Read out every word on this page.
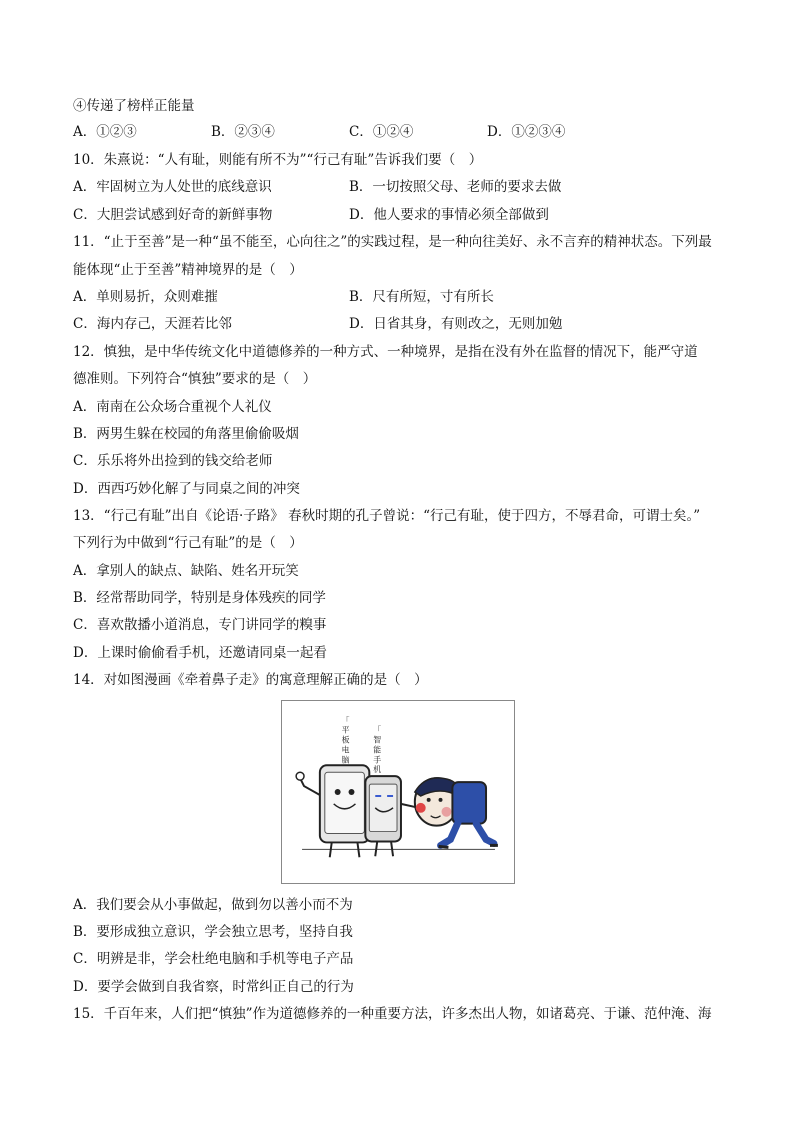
④传递了榜样正能量
A．①②③	B．②③④	C．①②④	D．①②③④
10．朱熹说：“人有耻，则能有所不为”“行己有耻”告诉我们要（　）
A．牢固树立为人处世的底线意识	B．一切按照父母、老师的要求去做
C．大胆尝试感到好奇的新鲜事物	D．他人要求的事情必须全部做到
11．“止于至善”是一种“虽不能至，心向往之”的实践过程，是一种向往美好、永不言弃的精神状态。下列最
能体现“止于至善”精神境界的是（　）
A．单则易折，众则难摧	B．尺有所短，寸有所长
C．海内存己，天涯若比邻	D．日省其身，有则改之，无则加勉
12．慎独，是中华传统文化中道德修养的一种方式、一种境界，是指在没有外在监督的情况下，能严守道
德准则。下列符合“慎独”要求的是（　）
A．南南在公众场合重视个人礼仪
B．两男生躲在校园的角落里偷偷吸烟
C．乐乐将外出捡到的钱交给老师
D．西西巧妙化解了与同桌之间的冲突
13．“行己有耻”出自《论语·子路》 春秋时期的孔子曾说：“行己有耻，使于四方，不辱君命，可谓士矣。”
下列行为中做到“行己有耻”的是（　）
A．拿别人的缺点、缺陷、姓名开玩笑
B．经常帮助同学，特别是身体残疾的同学
C．喜欢散播小道消息，专门讲同学的糗事
D．上课时偷偷看手机，还邀请同桌一起看
14．对如图漫画《牵着鼻子走》的寓意理解正确的是（　）
「
平
板
电
脑
「
智
能
手
机
A．我们要会从小事做起，做到勿以善小而不为
B．要形成独立意识，学会独立思考，坚持自我
C．明辨是非，学会杜绝电脑和手机等电子产品
D．要学会做到自我省察，时常纠正自己的行为
15．千百年来，人们把“慎独”作为道德修养的一种重要方法，许多杰出人物，如诸葛亮、于谦、范仲淹、海
